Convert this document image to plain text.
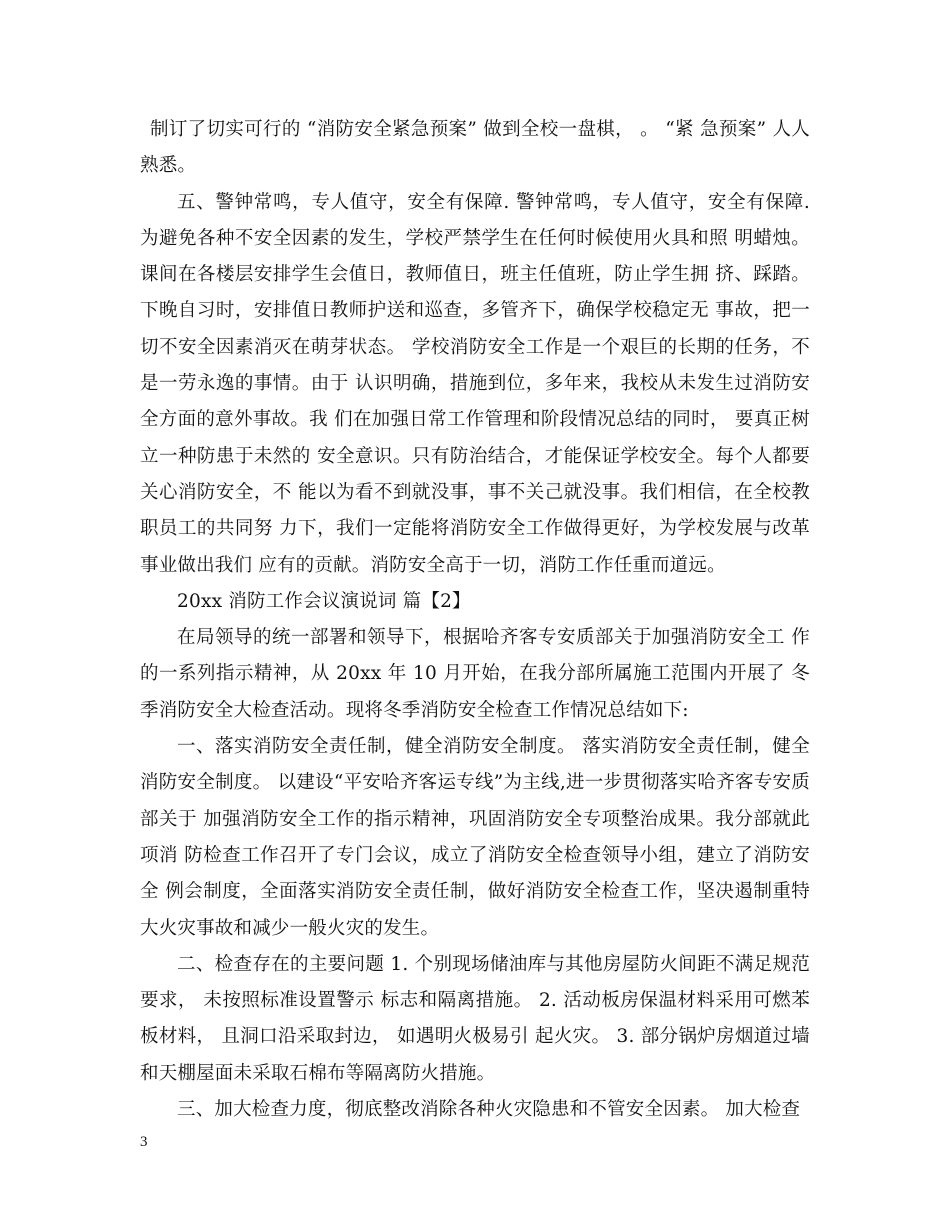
制订了切实可行的 “消防安全紧急预案” 做到全校一盘棋， 。 “紧 急预案” 人人熟悉。

五、警钟常鸣，专人值守，安全有保障. 警钟常鸣，专人值守，安全有保障. 为避免各种不安全因素的发生，学校严禁学生在任何时候使用火具和照 明蜡烛。课间在各楼层安排学生会值日，教师值日，班主任值班，防止学生拥 挤、踩踏。下晚自习时，安排值日教师护送和巡查，多管齐下，确保学校稳定无 事故，把一切不安全因素消灭在萌芽状态。 学校消防安全工作是一个艰巨的长期的任务，不是一劳永逸的事情。由于 认识明确，措施到位，多年来，我校从未发生过消防安全方面的意外事故。我 们在加强日常工作管理和阶段情况总结的同时， 要真正树立一种防患于未然的 安全意识。只有防治结合，才能保证学校安全。每个人都要关心消防安全，不 能以为看不到就没事，事不关己就没事。我们相信，在全校教职员工的共同努 力下，我们一定能将消防安全工作做得更好，为学校发展与改革事业做出我们 应有的贡献。消防安全高于一切，消防工作任重而道远。

20xx 消防工作会议演说词 篇【2】

在局领导的统一部署和领导下，根据哈齐客专安质部关于加强消防安全工 作的一系列指示精神，从 20xx 年 10 月开始，在我分部所属施工范围内开展了 冬季消防安全大检查活动。现将冬季消防安全检查工作情况总结如下:

一、落实消防安全责任制，健全消防安全制度。 落实消防安全责任制，健全消防安全制度。 以建设“平安哈齐客运专线”为主线,进一步贯彻落实哈齐客专安质部关于 加强消防安全工作的指示精神，巩固消防安全专项整治成果。我分部就此项消 防检查工作召开了专门会议，成立了消防安全检查领导小组，建立了消防安全 例会制度，全面落实消防安全责任制，做好消防安全检查工作，坚决遏制重特 大火灾事故和减少一般火灾的发生。

二、检查存在的主要问题 1. 个别现场储油库与其他房屋防火间距不满足规范要求， 未按照标准设置警示 标志和隔离措施。 2. 活动板房保温材料采用可燃苯板材料， 且洞口沿采取封边， 如遇明火极易引 起火灾。 3. 部分锅炉房烟道过墙和天棚屋面未采取石棉布等隔离防火措施。

三、加大检查力度，彻底整改消除各种火灾隐患和不管安全因素。 加大检查

3
